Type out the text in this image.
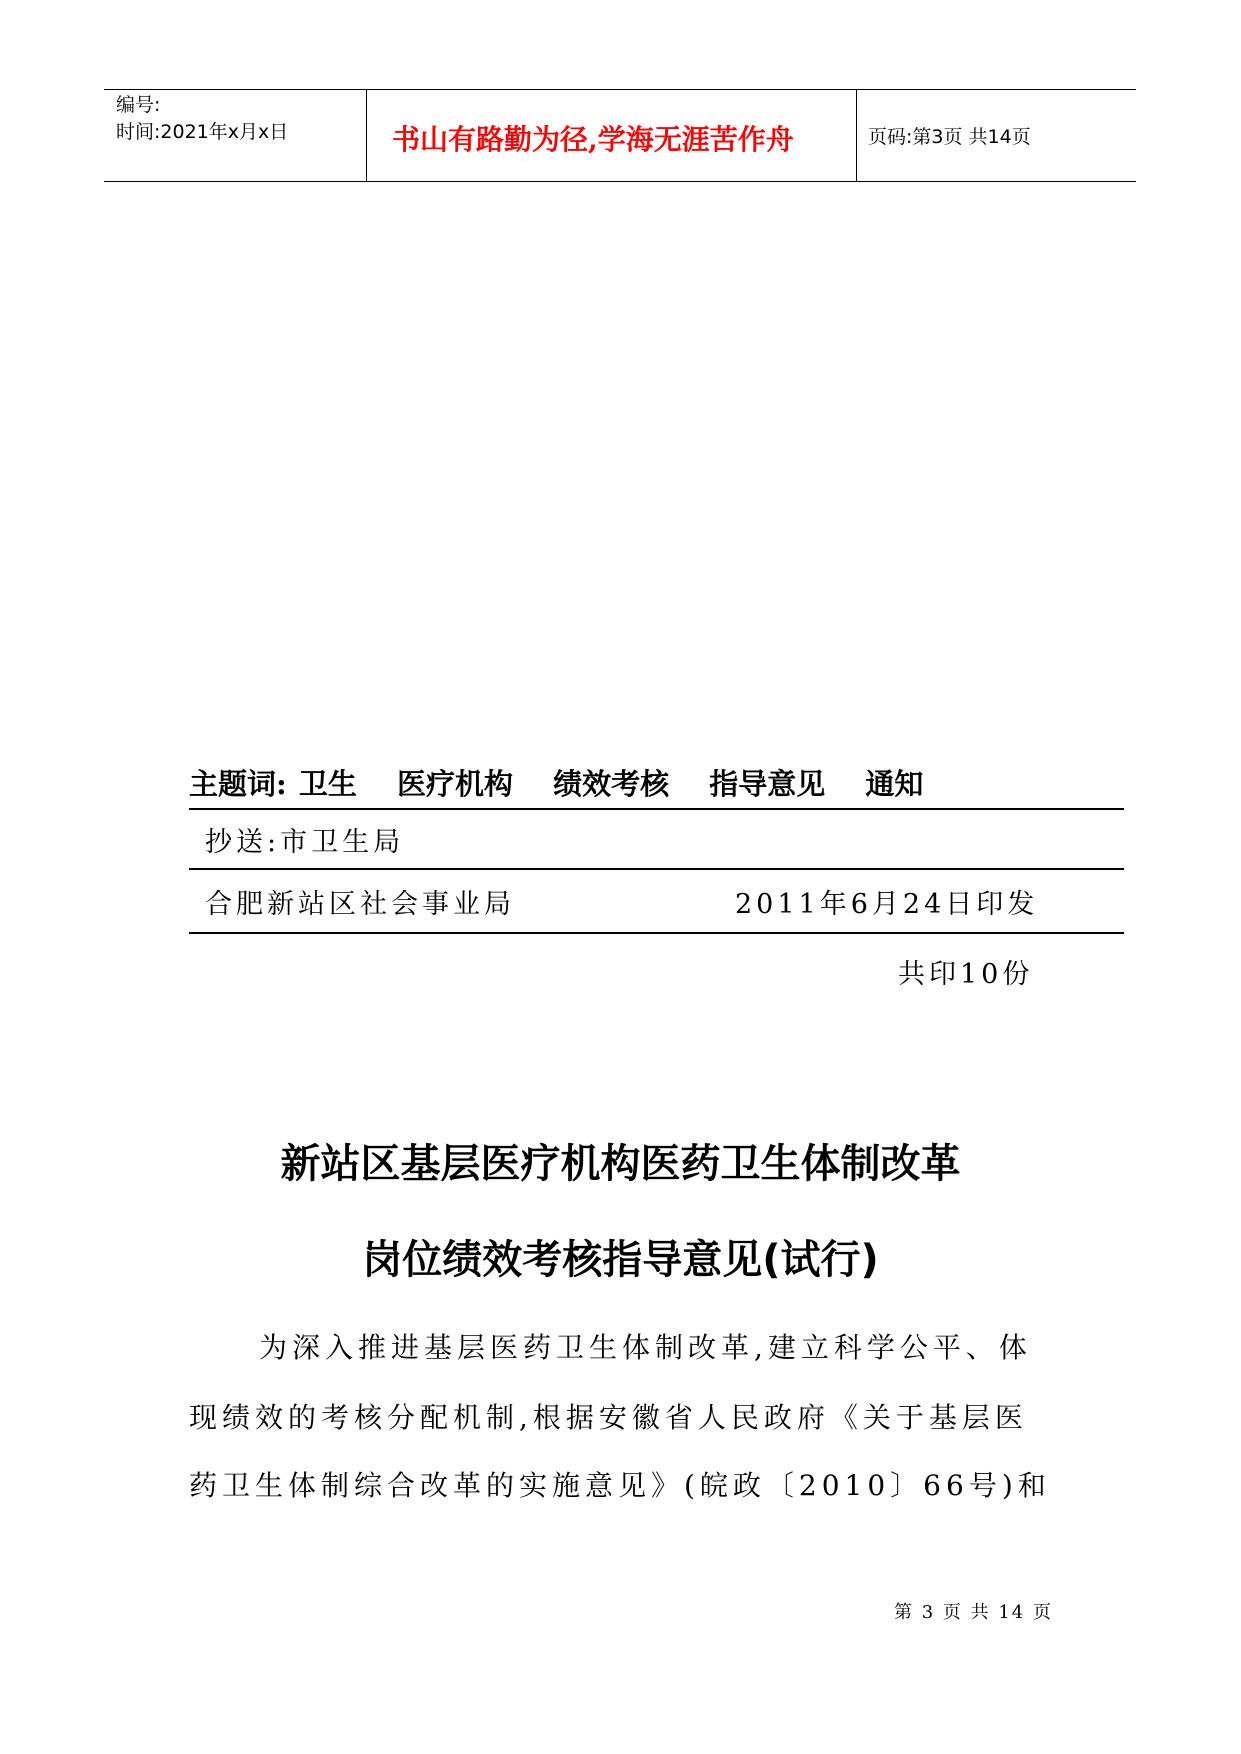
编号:
时间:2021年x月x日	书山有路勤为径,学海无涯苦作舟	页码:第3页 共14页
主题词: 卫生 医疗机构 绩效考核 指导意见 通知
抄送:市卫生局
合肥新站区社会事业局	2011年6月24日印发
共印10份
新站区基层医疗机构医药卫生体制改革
岗位绩效考核指导意见(试行)
为深入推进基层医药卫生体制改革,建立科学公平、体
现绩效的考核分配机制,根据安徽省人民政府《关于基层医
药卫生体制综合改革的实施意见》(皖政〔2010〕66号)和
第 3 页 共 14 页
